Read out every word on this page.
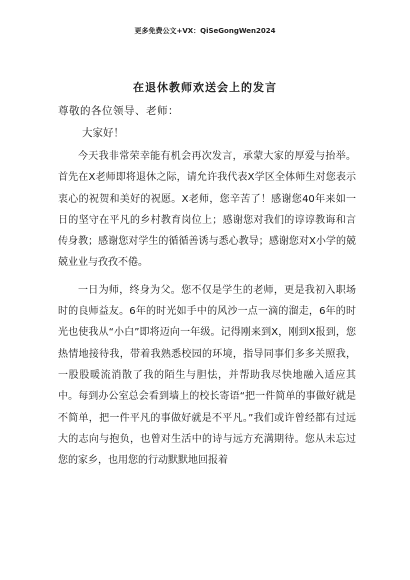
更多免费公文+VX：QiSeGongWen2024
在退休教师欢送会上的发言
尊敬的各位领导、老师：
大家好！

今天我非常荣幸能有机会再次发言，承蒙大家的厚爱与抬举。首先在X老师即将退休之际，请允许我代表X学区全体师生对您表示衷心的祝贺和美好的祝愿。X老师，您辛苦了！感谢您40年来如一日的坚守在平凡的乡村教育岗位上；感谢您对我们的谆谆教诲和言传身教；感谢您对学生的循循善诱与悉心教导；感谢您对X小学的兢兢业业与孜孜不倦。

一日为师，终身为父。您不仅是学生的老师，更是我初入职场时的良师益友。6年的时光如手中的风沙一点一滴的溜走，6年的时光也使我从“小白”即将迈向一年级。记得刚来到X，刚到X报到，您热情地接待我，带着我熟悉校园的环境，指导同事们多多关照我，一股股暖流消散了我的陌生与胆怯，并帮助我尽快地融入适应其中。每到办公室总会看到墙上的校长寄语“把一件简单的事做好就是不简单，把一件平凡的事做好就是不平凡。”我们或许曾经都有过远大的志向与抱负，也曾对生活中的诗与远方充满期待。您从未忘过您的家乡，也用您的行动默默地回报着
